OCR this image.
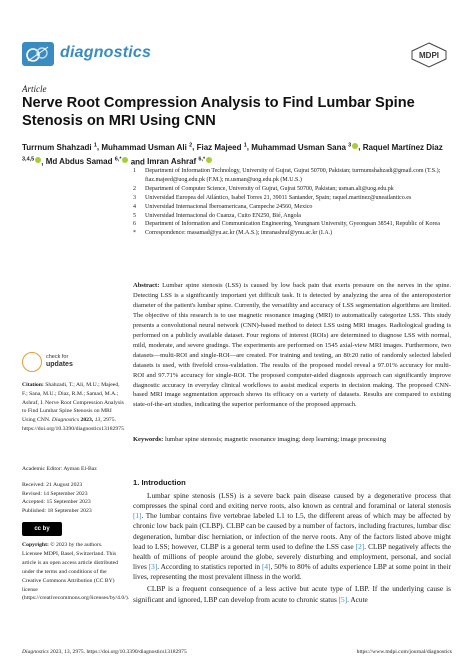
diagnostics	MDPI
Article
Nerve Root Compression Analysis to Find Lumbar Spine Stenosis on MRI Using CNN
Turrnum Shahzadi $^1$, Muhammad Usman Ali $^2$, Fiaz Majeed $^1$, Muhammad Usman Sana $^3$ , Raquel Martínez Diaz $^{3,4,5}$ , Md Abdus Samad $^{6,*}$ and Imran Ashraf $^{6,*}$
1	Department of Information Technology, University of Gujrat, Gujrat 50700, Pakistan; turrnumshahzadi@gmail.com (T.S.); fiaz.majeed@uog.edu.pk (F.M.); m.usman@uog.edu.pk (M.U.S.)
2	Department of Computer Science, University of Gujrat, Gujrat 50700, Pakistan; usman.ali@uog.edu.pk
3	Universidad Europea del Atlántico, Isabel Torres 21, 39011 Santander, Spain; raquel.martinez@uneatlantico.es
4	Universidad Internacional Iberoamericana, Campeche 24560, Mexico
5	Universidad Internacional do Cuanza, Cuito EN250, Bié, Angola
6	Department of Information and Communication Engineering, Yeungnam University, Gyeongsan 38541, Republic of Korea
*	Correspondence: masamad@yu.ac.kr (M.A.S.); imranashraf@ynu.ac.kr (I.A.)
Abstract: Lumbar spine stenosis (LSS) is caused by low back pain that exerts pressure on the nerves in the spine. Detecting LSS is a significantly important yet difficult task. It is detected by analyzing the area of the anteroposterior diameter of the patient's lumbar spine. Currently, the versatility and accuracy of LSS segmentation algorithms are limited. The objective of this research is to use magnetic resonance imaging (MRI) to automatically categorize LSS. This study presents a convolutional neural network (CNN)-based method to detect LSS using MRI images. Radiological grading is performed on a publicly available dataset. Four regions of interest (ROIs) are determined to diagnose LSS with normal, mild, moderate, and severe gradings. The experiments are performed on 1545 axial-view MRI images. Furthermore, two datasets—multi-ROI and single-ROI—are created. For training and testing, an 80:20 ratio of randomly selected labeled datasets is used, with fivefold cross-validation. The results of the proposed model reveal a 97.01% accuracy for multi-ROI and 97.71% accuracy for single-ROI. The proposed computer-aided diagnosis approach can significantly improve diagnostic accuracy in everyday clinical workflows to assist medical experts in decision making. The proposed CNN-based MRI image segmentation approach shows its efficacy on a variety of datasets. Results are compared to existing state-of-the-art studies, indicating the superior performance of the proposed approach.
Keywords: lumbar spine stenosis; magnetic resonance imaging; deep learning; image processing
check for
updates
Citation: Shahzadi, T.; Ali, M.U.; Majeed, F.; Sana, M.U.; Diaz, R.M.; Samad, M.A.; Ashraf, I. Nerve Root Compression Analysis to Find Lumbar Spine Stenosis on MRI Using CNN. Diagnostics 2023, 13, 2975. https://doi.org/10.3390/diagnostics13182975
Academic Editor: Ayman El-Baz
Received: 21 August 2023
Revised: 14 September 2023
Accepted: 15 September 2023
Published: 18 September 2023
cc by
Copyright: © 2023 by the authors. Licensee MDPI, Basel, Switzerland. This article is an open access article distributed under the terms and conditions of the Creative Commons Attribution (CC BY) license (https://creativecommons.org/licenses/by/4.0/).
1. Introduction

Lumbar spine stenosis (LSS) is a severe back pain disease caused by a degenerative process that compresses the spinal cord and exiting nerve roots, also known as central and foraminal or lateral stenosis [1]. The lumbar contains five vertebrae labeled L1 to L5, the different areas of which may be affected by chronic low back pain (CLBP). CLBP can be caused by a number of factors, including fractures, lumbar disc degeneration, lumbar disc herniation, or infection of the nerve roots. Any of the factors listed above might lead to LSS; however, CLBP is a general term used to define the LSS case [2]. CLBP negatively affects the health of millions of people around the globe, severely disturbing and employment, personal, and social lives [3]. According to statistics reported in [4], 50% to 80% of adults experience LBP at some point in their lives, representing the most prevalent illness in the world.

CLBP is a frequent consequence of a less active but acute type of LBP. If the underlying cause is significant and ignored, LBP can develop from acute to chronic status [5]. Acute

Diagnostics 2023, 13, 2975. https://doi.org/10.3390/diagnostics13182975	https://www.mdpi.com/journal/diagnostics
